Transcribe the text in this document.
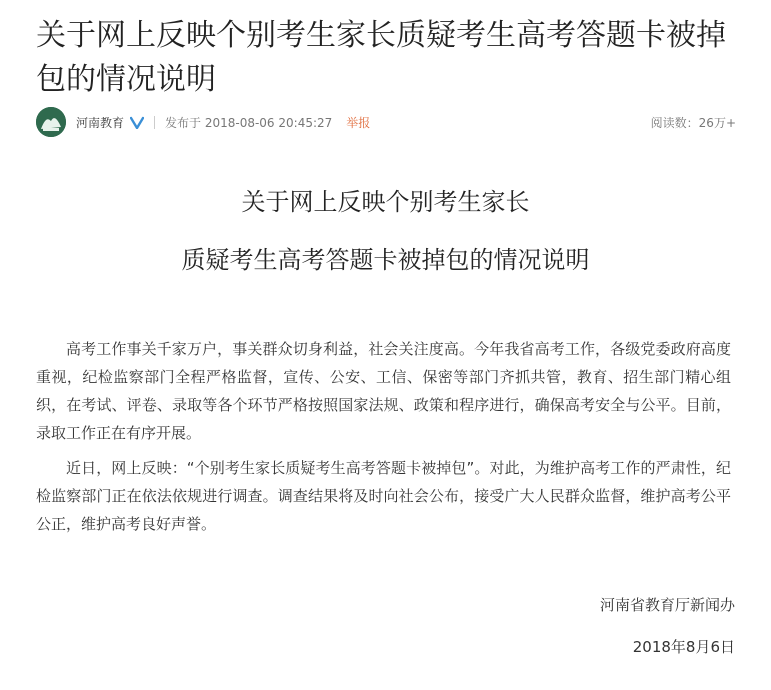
关于网上反映个别考生家长质疑考生高考答题卡被掉包的情况说明
河南教育	发布于 2018-08-06 20:45:27 举报	阅读数：26万+
关于网上反映个别考生家长
质疑考生高考答题卡被掉包的情况说明

高考工作事关千家万户，事关群众切身利益，社会关注度高。今年我省高考工作，各级党委政府高度重视，纪检监察部门全程严格监督，宣传、公安、工信、保密等部门齐抓共管，教育、招生部门精心组织，在考试、评卷、录取等各个环节严格按照国家法规、政策和程序进行，确保高考安全与公平。目前，录取工作正在有序开展。

近日，网上反映：“个别考生家长质疑考生高考答题卡被掉包”。对此，为维护高考工作的严肃性，纪检监察部门正在依法依规进行调查。调查结果将及时向社会公布，接受广大人民群众监督，维护高考公平公正，维护高考良好声誉。

河南省教育厅新闻办

2018年8月6日
